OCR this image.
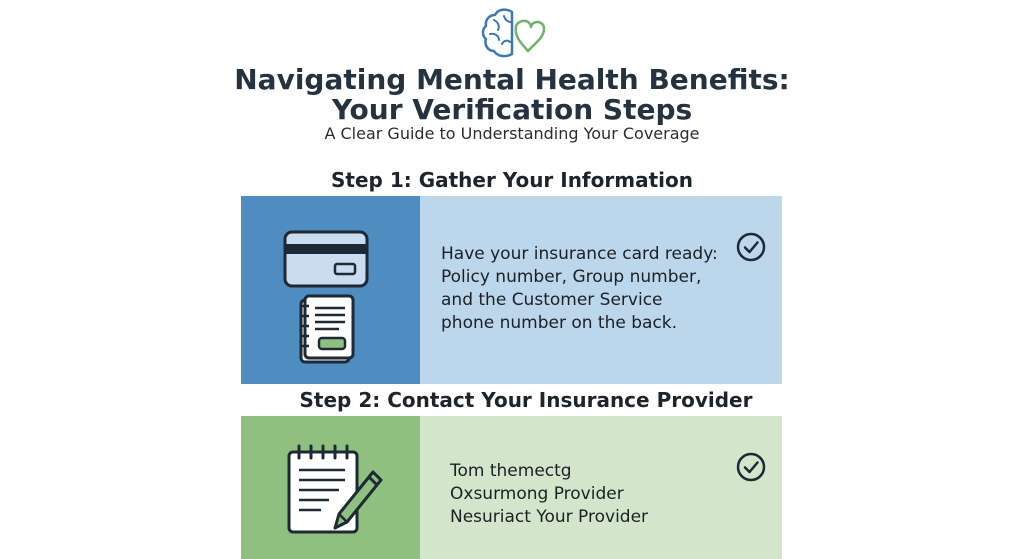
Navigating Mental Health Benefits:
Your Verification Steps
A Clear Guide to Understanding Your Coverage
Step 1: Gather Your Information
Have your insurance card ready:
Policy number, Group number,
and the Customer Service
phone number on the back.
Step 2: Contact Your Insurance Provider
Tom themectg
Oxsurmong Provider
Nesuriact Your Provider
